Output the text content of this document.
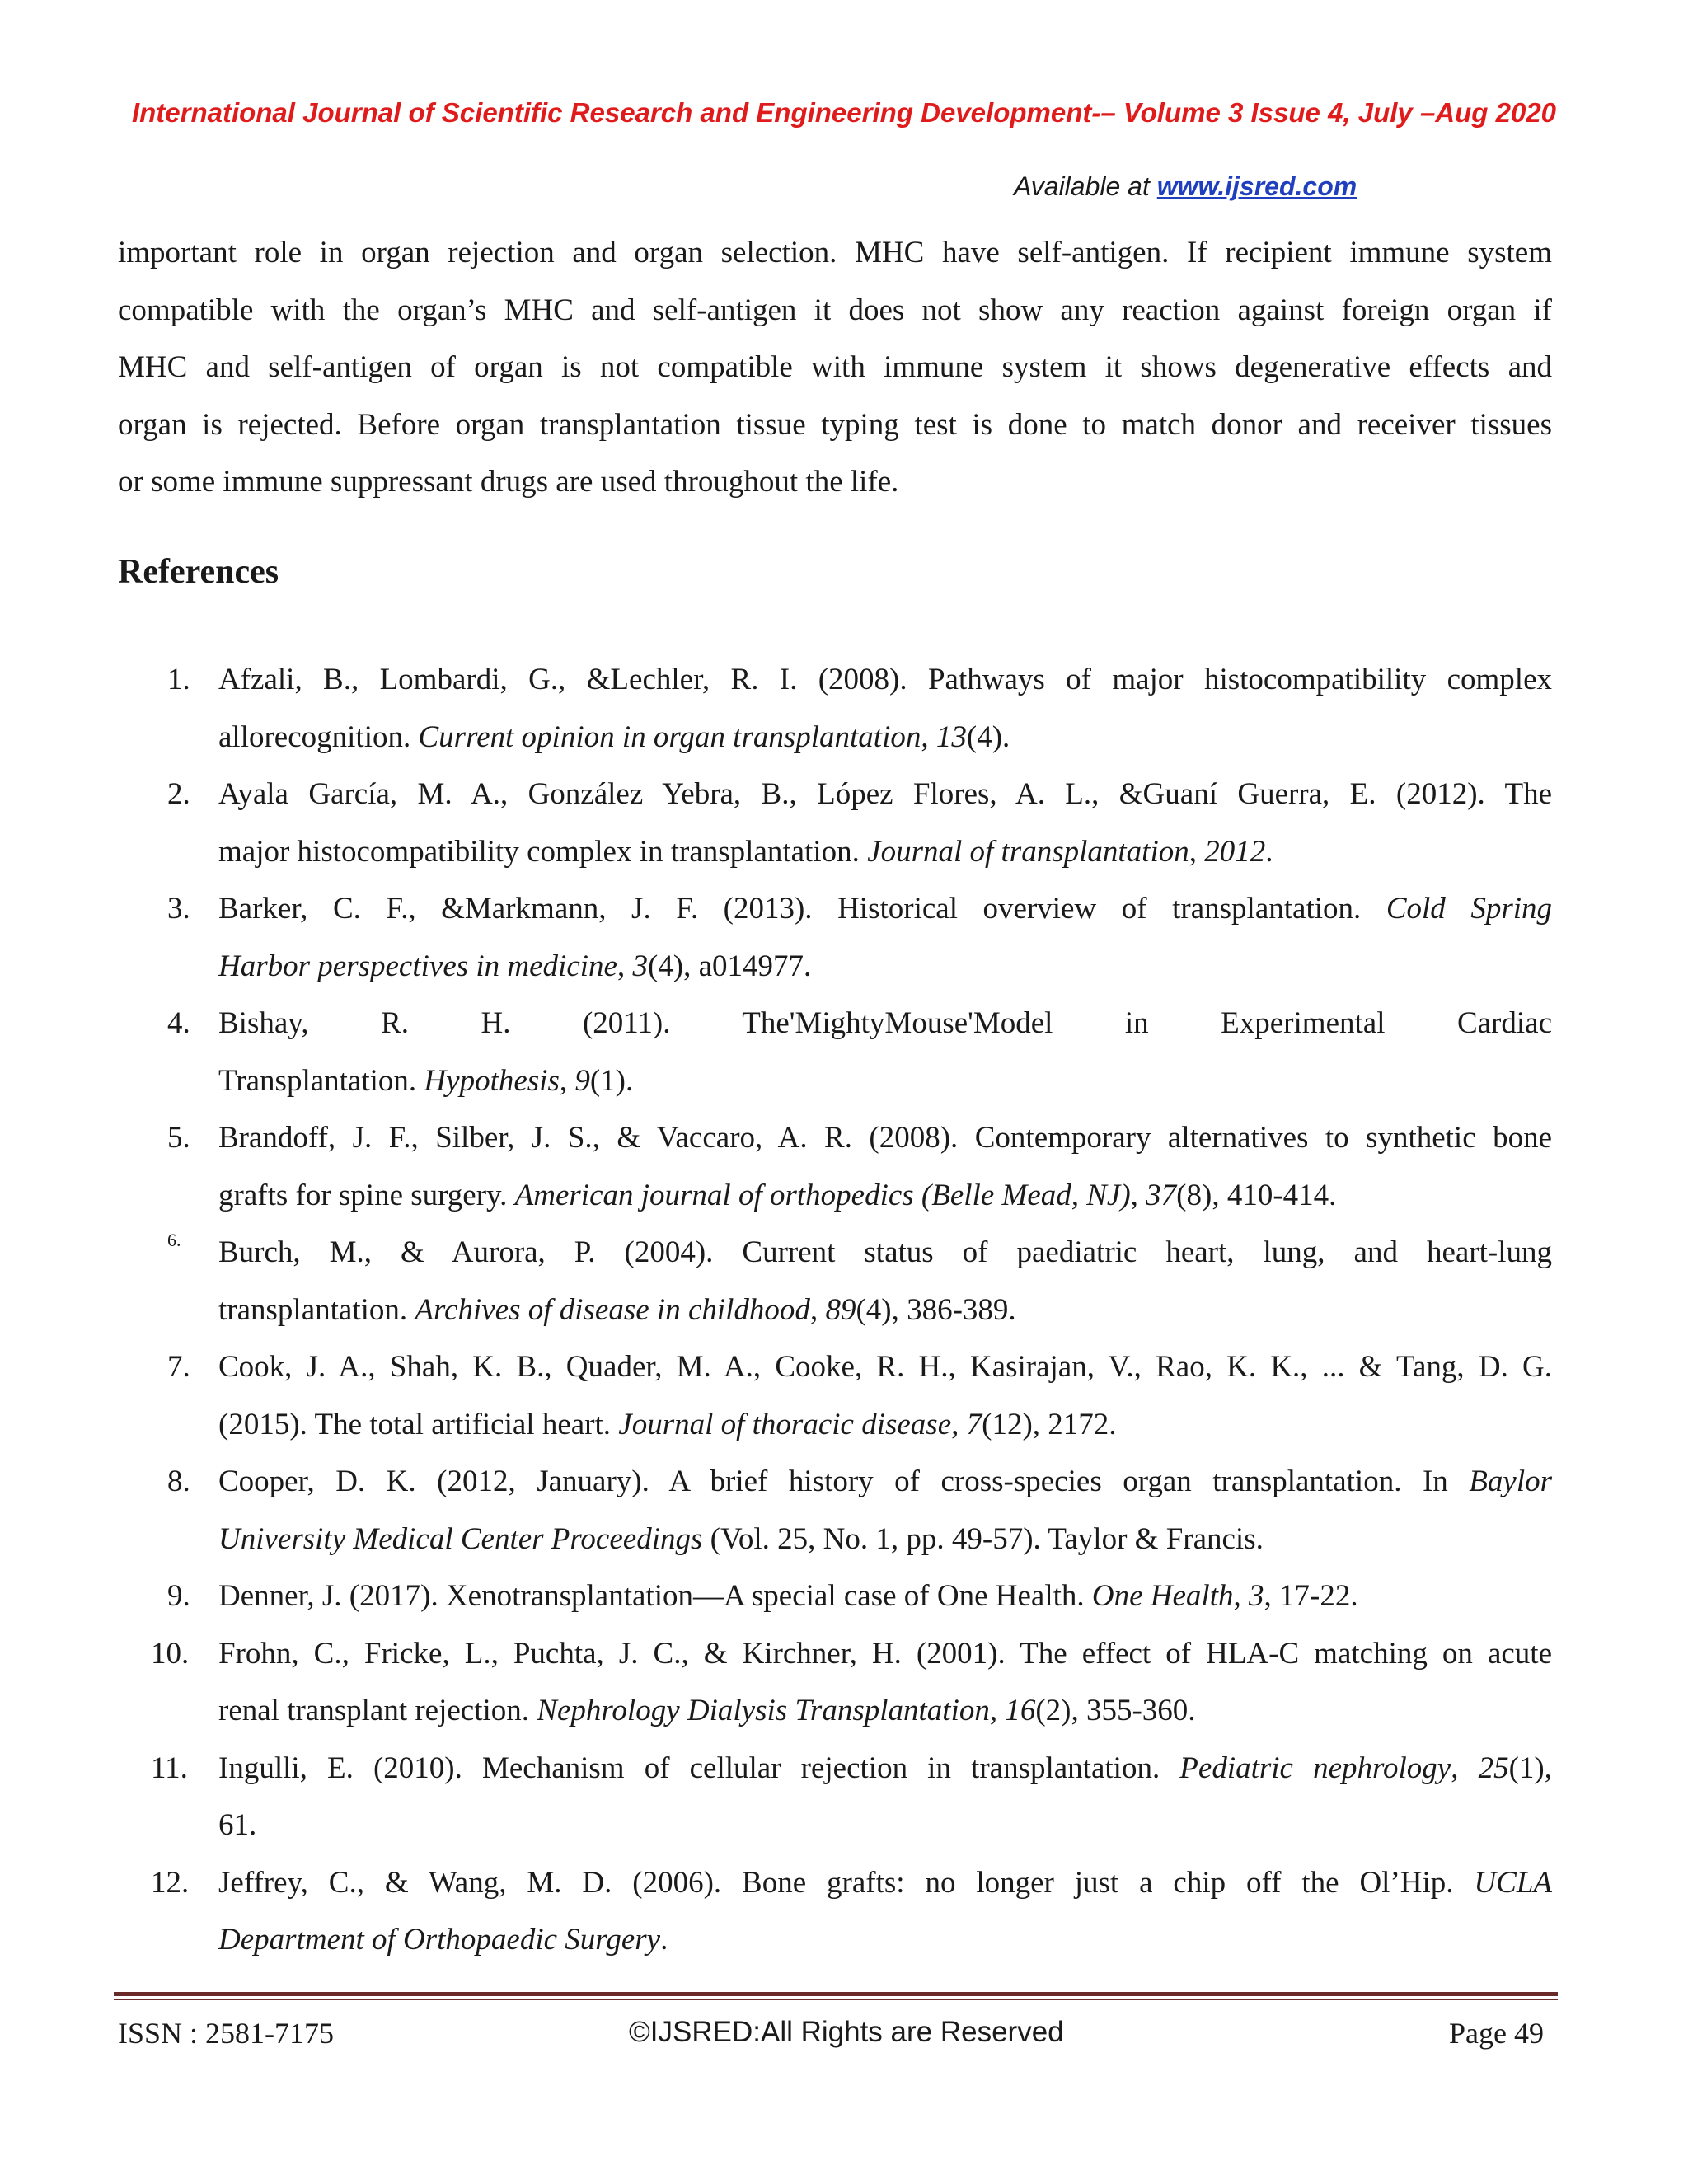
International Journal of Scientific Research and Engineering Development-– Volume 3 Issue 4, July –Aug 2020
Available at www.ijsred.com
important role in organ rejection and organ selection. MHC have self-antigen. If recipient immune system
compatible with the organ’s MHC and self-antigen it does not show any reaction against foreign organ if
MHC and self-antigen of organ is not compatible with immune system it shows degenerative effects and
organ is rejected. Before organ transplantation tissue typing test is done to match donor and receiver tissues
or some immune suppressant drugs are used throughout the life.
References
1. Afzali, B., Lombardi, G., &Lechler, R. I. (2008). Pathways of major histocompatibility complex
allorecognition. Current opinion in organ transplantation, 13(4).
2. Ayala García, M. A., González Yebra, B., López Flores, A. L., &Guaní Guerra, E. (2012). The
major histocompatibility complex in transplantation. Journal of transplantation, 2012.
3. Barker, C. F., &Markmann, J. F. (2013). Historical overview of transplantation. Cold Spring
Harbor perspectives in medicine, 3(4), a014977.
4. Bishay, R. H. (2011). The'MightyMouse'Model in Experimental Cardiac
Transplantation. Hypothesis, 9(1).
5. Brandoff, J. F., Silber, J. S., & Vaccaro, A. R. (2008). Contemporary alternatives to synthetic bone
grafts for spine surgery. American journal of orthopedics (Belle Mead, NJ), 37(8), 410-414.
6. Burch, M., & Aurora, P. (2004). Current status of paediatric heart, lung, and heart-lung
transplantation. Archives of disease in childhood, 89(4), 386-389.
7. Cook, J. A., Shah, K. B., Quader, M. A., Cooke, R. H., Kasirajan, V., Rao, K. K., ... & Tang, D. G.
(2015). The total artificial heart. Journal of thoracic disease, 7(12), 2172.
8. Cooper, D. K. (2012, January). A brief history of cross-species organ transplantation. In Baylor
University Medical Center Proceedings (Vol. 25, No. 1, pp. 49-57). Taylor & Francis.
9. Denner, J. (2017). Xenotransplantation—A special case of One Health. One Health, 3, 17-22.
10. Frohn, C., Fricke, L., Puchta, J. C., & Kirchner, H. (2001). The effect of HLA-C matching on acute
renal transplant rejection. Nephrology Dialysis Transplantation, 16(2), 355-360.
11. Ingulli, E. (2010). Mechanism of cellular rejection in transplantation. Pediatric nephrology, 25(1),
61.
12. Jeffrey, C., & Wang, M. D. (2006). Bone grafts: no longer just a chip off the Ol’Hip. UCLA
Department of Orthopaedic Surgery.
ISSN : 2581-7175	©IJSRED:All Rights are Reserved	Page 49
